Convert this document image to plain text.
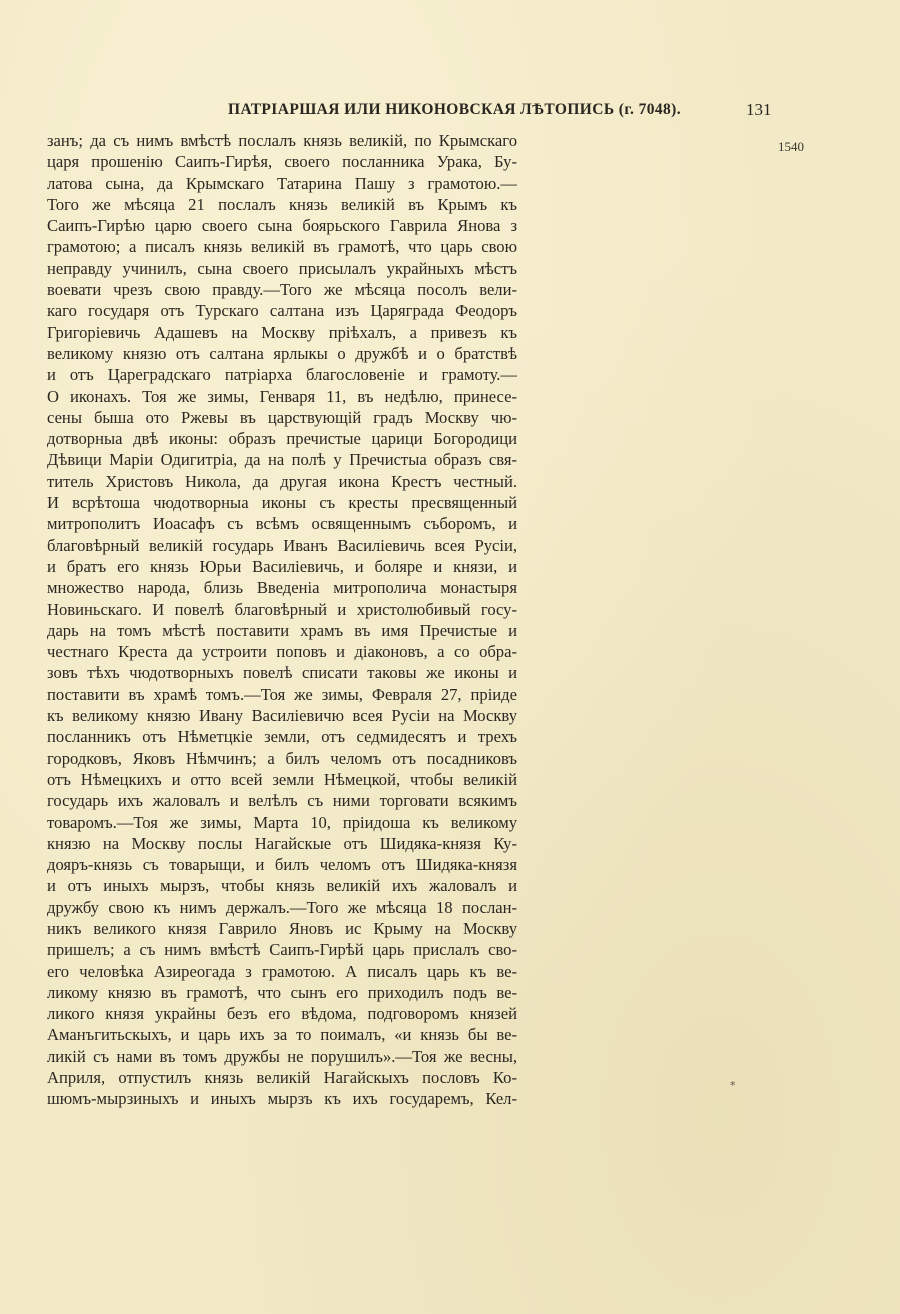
ПАТРІАРШАЯ ИЛИ НИКОНОВСКАЯ ЛѢТОПИСЬ (г. 7048).	131
1540
занъ; да съ нимъ вмѣстѣ послалъ князь великій, по Крымскаго
царя прошенію Саипъ-Гирѣя, своего посланника Урака, Бу-
латова сына, да Крымскаго Татарина Пашу з грамотою.—
Того же мѣсяца 21 послалъ князь великій въ Крымъ къ
Саипъ-Гирѣю царю своего сына боярьского Гаврила Янова з
грамотою; а писалъ князь великій въ грамотѣ, что царь свою
неправду учинилъ, сына своего присылалъ украйныхъ мѣстъ
воевати чрезъ свою правду.—Того же мѣсяца посолъ вели-
каго государя отъ Турскаго салтана изъ Царяграда Феодоръ
Григоріевичь Адашевъ на Москву пріѣхалъ, а привезъ къ
великому князю отъ салтана ярлыкы о дружбѣ и о братствѣ
и отъ Цареградскаго патріарха благословеніе и грамоту.—
О иконахъ. Тоя же зимы, Генваря 11, въ недѣлю, принесе-
сены быша ото Ржевы въ царствующій градъ Москву чю-
дотворныа двѣ иконы: образъ пречистые царици Богородици
Дѣвици Маріи Одигитріа, да на полѣ у Пречистыа образъ свя-
титель Христовъ Никола, да другая икона Крестъ честный.
И всрѣтоша чюдотворныа иконы съ кресты пресвященный
митрополитъ Иоасафъ съ всѣмъ освященнымъ съборомъ, и
благовѣрный великій государь Иванъ Василіевичь всея Русіи,
и братъ его князь Юрьи Василіевичь, и боляре и князи, и
множество народа, близь Введеніа митрополича монастыря
Новиньскаго. И повелѣ благовѣрный и христолюбивый госу-
дарь на томъ мѣстѣ поставити храмъ въ имя Пречистые и
честнаго Креста да устроити поповъ и діаконовъ, а со обра-
зовъ тѣхъ чюдотворныхъ повелѣ списати таковы же иконы и
поставити въ храмѣ томъ.—Тоя же зимы, Февраля 27, пріиде
къ великому князю Ивану Василіевичю всея Русіи на Москву
посланникъ отъ Нѣметцкіе земли, отъ седмидесятъ и трехъ
городковъ, Яковъ Нѣмчинъ; а билъ челомъ отъ посадниковъ
отъ Нѣмецкихъ и отто всей земли Нѣмецкой, чтобы великій
государь ихъ жаловалъ и велѣлъ съ ними торговати всякимъ
товаромъ.—Тоя же зимы, Марта 10, пріидоша къ великому
князю на Москву послы Нагайскые отъ Шидяка-князя Ку-
дояръ-князь съ товарыщи, и билъ челомъ отъ Шидяка-князя
и отъ иныхъ мырзъ, чтобы князь великій ихъ жаловалъ и
дружбу свою къ нимъ держалъ.—Того же мѣсяца 18 послан-
никъ великого князя Гаврило Яновъ ис Крыму на Москву
пришелъ; а съ нимъ вмѣстѣ Саипъ-Гирѣй царь прислалъ сво-
его человѣка Азиреогада з грамотою. А писалъ царь къ ве-
ликому князю въ грамотѣ, что сынъ его приходилъ подъ ве-
ликого князя украйны безъ его вѣдома, подговоромъ князей
Аманъгитьскыхъ, и царь ихъ за то поималъ, «и князь бы ве-
ликій съ нами въ томъ дружбы не порушилъ».—Тоя же весны,
Априля, отпустилъ князь великій Нагайскыхъ пословъ Ко-
шюмъ-мырзиныхъ и иныхъ мырзъ къ ихъ государемъ, Кел-
*
